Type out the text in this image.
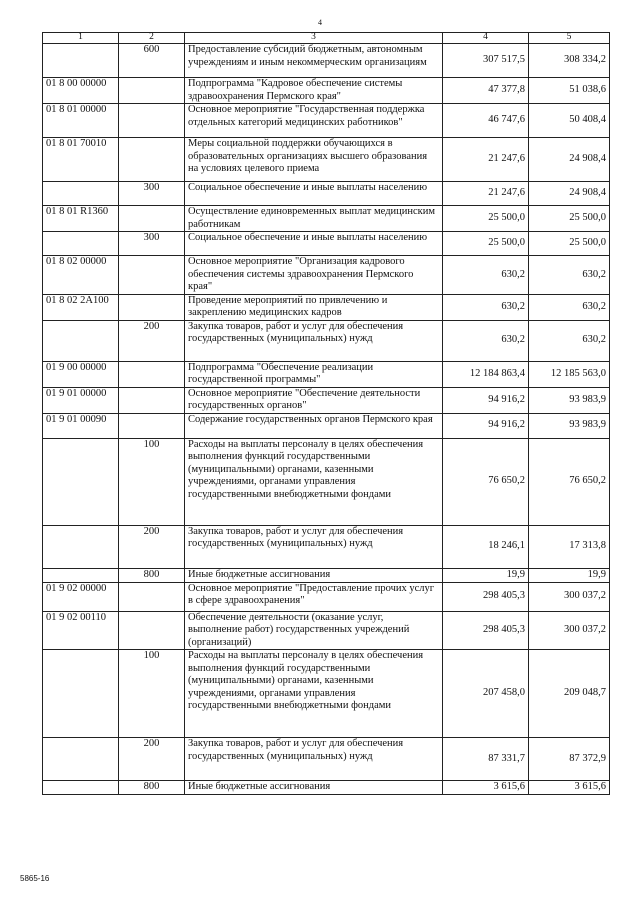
4
1	2	3	4	5
	600	Предоставление субсидий бюджетным, автономным учреждениям и иным некоммерческим организациям	307 517,5	308 334,2
01 8 00 00000		Подпрограмма "Кадровое обеспечение системы здравоохранения Пермского края"	47 377,8	51 038,6
01 8 01 00000		Основное мероприятие "Государственная поддержка отдельных категорий медицинских работников"	46 747,6	50 408,4
01 8 01 70010		Меры социальной поддержки обучающихся в образовательных организациях высшего образования на условиях целевого приема	21 247,6	24 908,4
	300	Социальное обеспечение и иные выплаты населению	21 247,6	24 908,4
01 8 01 R1360		Осуществление единовременных выплат медицинским работникам	25 500,0	25 500,0
	300	Социальное обеспечение и иные выплаты населению	25 500,0	25 500,0
01 8 02 00000		Основное мероприятие "Организация кадрового обеспечения системы здравоохранения Пермского края"	630,2	630,2
01 8 02 2A100		Проведение мероприятий по привлечению и закреплению медицинских кадров	630,2	630,2
	200	Закупка товаров, работ и услуг для обеспечения государственных (муниципальных) нужд	630,2	630,2
01 9 00 00000		Подпрограмма "Обеспечение реализации государственной программы"	12 184 863,4	12 185 563,0
01 9 01 00000		Основное мероприятие "Обеспечение деятельности государственных органов"	94 916,2	93 983,9
01 9 01 00090		Содержание государственных органов Пермского края	94 916,2	93 983,9
	100	Расходы на выплаты персоналу в целях обеспечения выполнения функций государственными (муниципальными) органами, казенными учреждениями, органами управления государственными внебюджетными фондами	76 650,2	76 650,2
	200	Закупка товаров, работ и услуг для обеспечения государственных (муниципальных) нужд	18 246,1	17 313,8
	800	Иные бюджетные ассигнования	19,9	19,9
01 9 02 00000		Основное мероприятие "Предоставление прочих услуг в сфере здравоохранения"	298 405,3	300 037,2
01 9 02 00110		Обеспечение деятельности (оказание услуг, выполнение работ) государственных учреждений (организаций)	298 405,3	300 037,2
	100	Расходы на выплаты персоналу в целях обеспечения выполнения функций государственными (муниципальными) органами, казенными учреждениями, органами управления государственными внебюджетными фондами	207 458,0	209 048,7
	200	Закупка товаров, работ и услуг для обеспечения государственных (муниципальных) нужд	87 331,7	87 372,9
	800	Иные бюджетные ассигнования	3 615,6	3 615,6
5865-16
